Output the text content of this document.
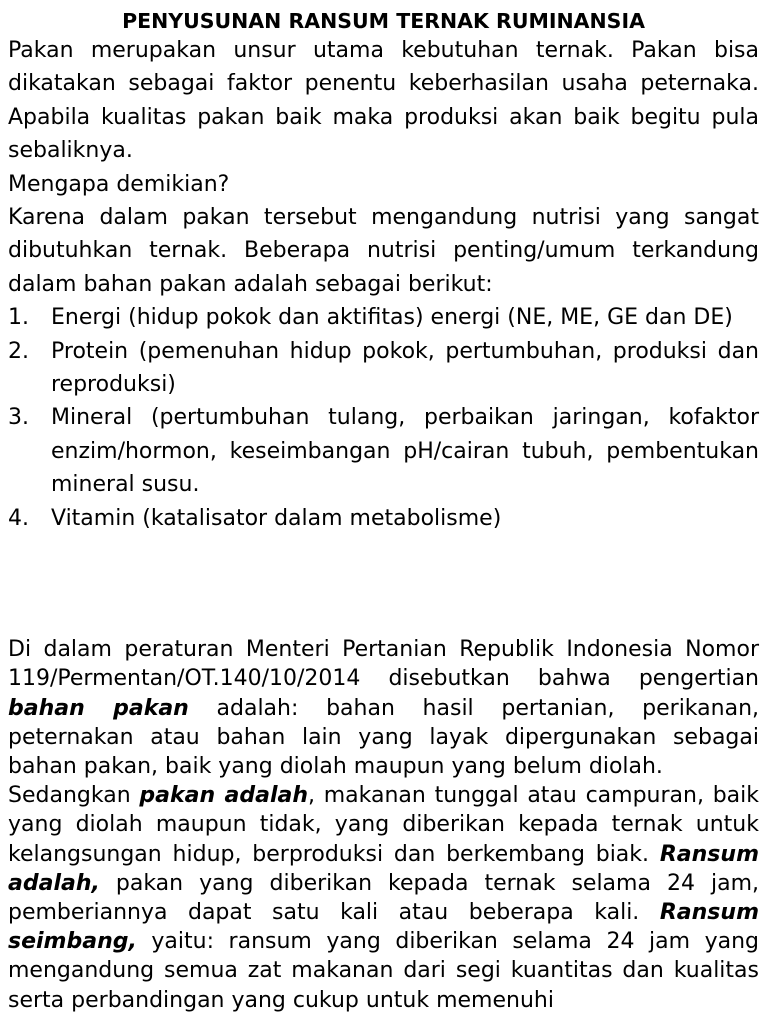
PENYUSUNAN RANSUM TERNAK RUMINANSIA

Pakan merupakan unsur utama kebutuhan ternak. Pakan bisa dikatakan sebagai faktor penentu keberhasilan usaha peternaka. Apabila kualitas pakan baik maka produksi akan baik begitu pula sebaliknya.

Mengapa demikian?

Karena dalam pakan tersebut mengandung nutrisi yang sangat dibutuhkan ternak. Beberapa nutrisi penting/umum terkandung dalam bahan pakan adalah sebagai berikut:

1. Energi (hidup pokok dan aktifitas) energi (NE, ME, GE dan DE)
2. Protein (pemenuhan hidup pokok, pertumbuhan, produksi dan reproduksi)
3. Mineral (pertumbuhan tulang, perbaikan jaringan, kofaktor enzim/hormon, keseimbangan pH/cairan tubuh, pembentukan mineral susu.
4. Vitamin (katalisator dalam metabolisme)

Di dalam peraturan Menteri Pertanian Republik Indonesia Nomor 119/Permentan/OT.140/10/2014 disebutkan bahwa pengertian bahan pakan adalah: bahan hasil pertanian, perikanan, peternakan atau bahan lain yang layak dipergunakan sebagai bahan pakan, baik yang diolah maupun yang belum diolah.

Sedangkan pakan adalah, makanan tunggal atau campuran, baik yang diolah maupun tidak, yang diberikan kepada ternak untuk kelangsungan hidup, berproduksi dan berkembang biak. Ransum adalah, pakan yang diberikan kepada ternak selama 24 jam, pemberiannya dapat satu kali atau beberapa kali. Ransum seimbang, yaitu: ransum yang diberikan selama 24 jam yang mengandung semua zat makanan dari segi kuantitas dan kualitas serta perbandingan yang cukup untuk memenuhi
